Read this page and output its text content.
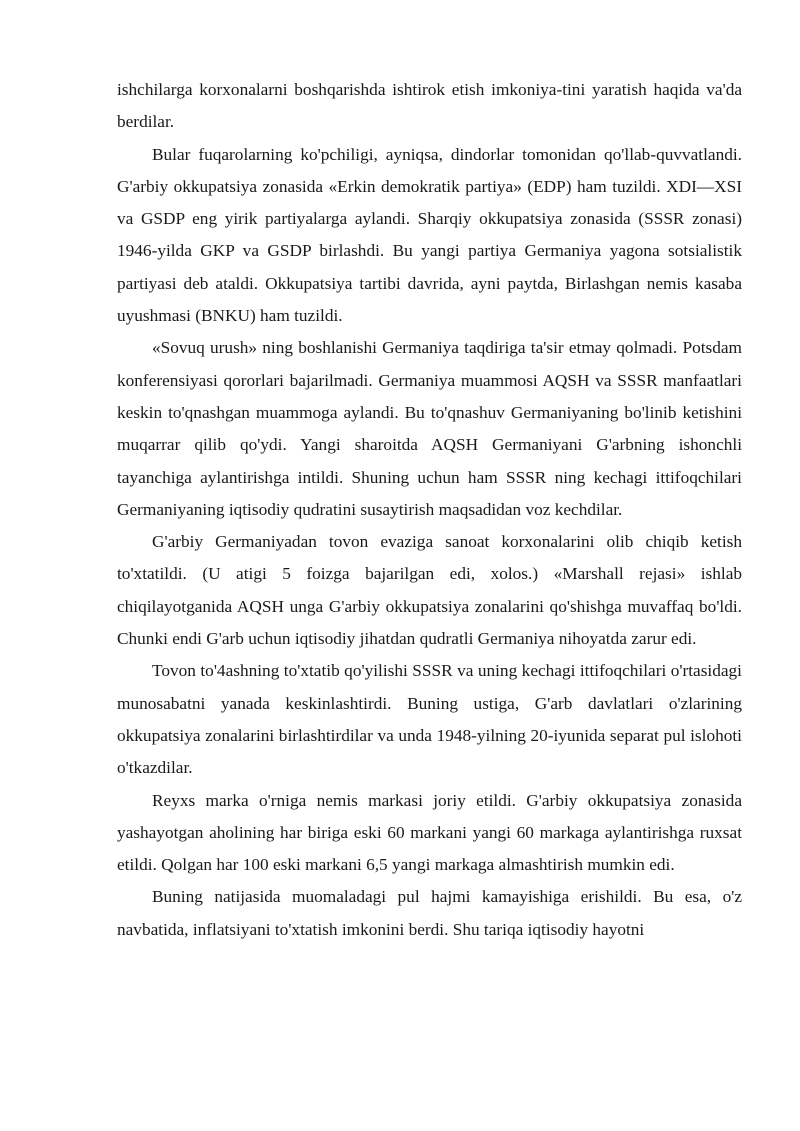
ishchilarga korxonalarni boshqarishda ishtirok etish imkoniya-tini yaratish haqida va'da berdilar.

Bular fuqarolarning ko'pchiligi, ayniqsa, dindorlar tomonidan qo'llab-quvvatlandi. G'arbiy okkupatsiya zonasida «Erkin demokratik partiya» (EDP) ham tuzildi. XDI—XSI va GSDP eng yirik partiyalarga aylandi. Sharqiy okkupatsiya zonasida (SSSR zonasi) 1946-yilda GKP va GSDP birlashdi. Bu yangi partiya Germaniya yagona sotsialistik partiyasi deb ataldi. Okkupatsiya tartibi davrida, ayni paytda, Birlashgan nemis kasaba uyushmasi (BNKU) ham tuzildi.

«Sovuq urush» ning boshlanishi Germaniya taqdiriga ta'sir etmay qolmadi. Potsdam konferensiyasi qororlari bajarilmadi. Germaniya muammosi AQSH va SSSR manfaatlari keskin to'qnashgan muammoga aylandi. Bu to'qnashuv Germaniyaning bo'linib ketishini muqarrar qilib qo'ydi. Yangi sharoitda AQSH Germaniyani G'arbning ishonchli tayanchiga aylantirishga intildi. Shuning uchun ham SSSR ning kechagi ittifoqchilari Germaniyaning iqtisodiy qudratini susaytirish maqsadidan voz kechdilar.

G'arbiy Germaniyadan tovon evaziga sanoat korxonalarini olib chiqib ketish to'xtatildi. (U atigi 5 foizga bajarilgan edi, xolos.) «Marshall rejasi» ishlab chiqilayotganida AQSH unga G'arbiy okkupatsiya zonalarini qo'shishga muvaffaq bo'ldi. Chunki endi G'arb uchun iqtisodiy jihatdan qudratli Germaniya nihoyatda zarur edi.

Tovon to'4ashning to'xtatib qo'yilishi SSSR va uning kechagi ittifoqchilari o'rtasidagi munosabatni yanada keskinlashtirdi. Buning ustiga, G'arb davlatlari o'zlarining okkupatsiya zonalarini birlashtirdilar va unda 1948-yilning 20-iyunida separat pul islohoti o'tkazdilar.

Reyxs marka o'rniga nemis markasi joriy etildi. G'arbiy okkupatsiya zonasida yashayotgan aholining har biriga eski 60 markani yangi 60 markaga aylantirishga ruxsat etildi. Qolgan har 100 eski markani 6,5 yangi markaga almashtirish mumkin edi.

Buning natijasida muomaladagi pul hajmi kamayishiga erishildi. Bu esa, o'z navbatida, inflatsiyani to'xtatish imkonini berdi. Shu tariqa iqtisodiy hayotni
